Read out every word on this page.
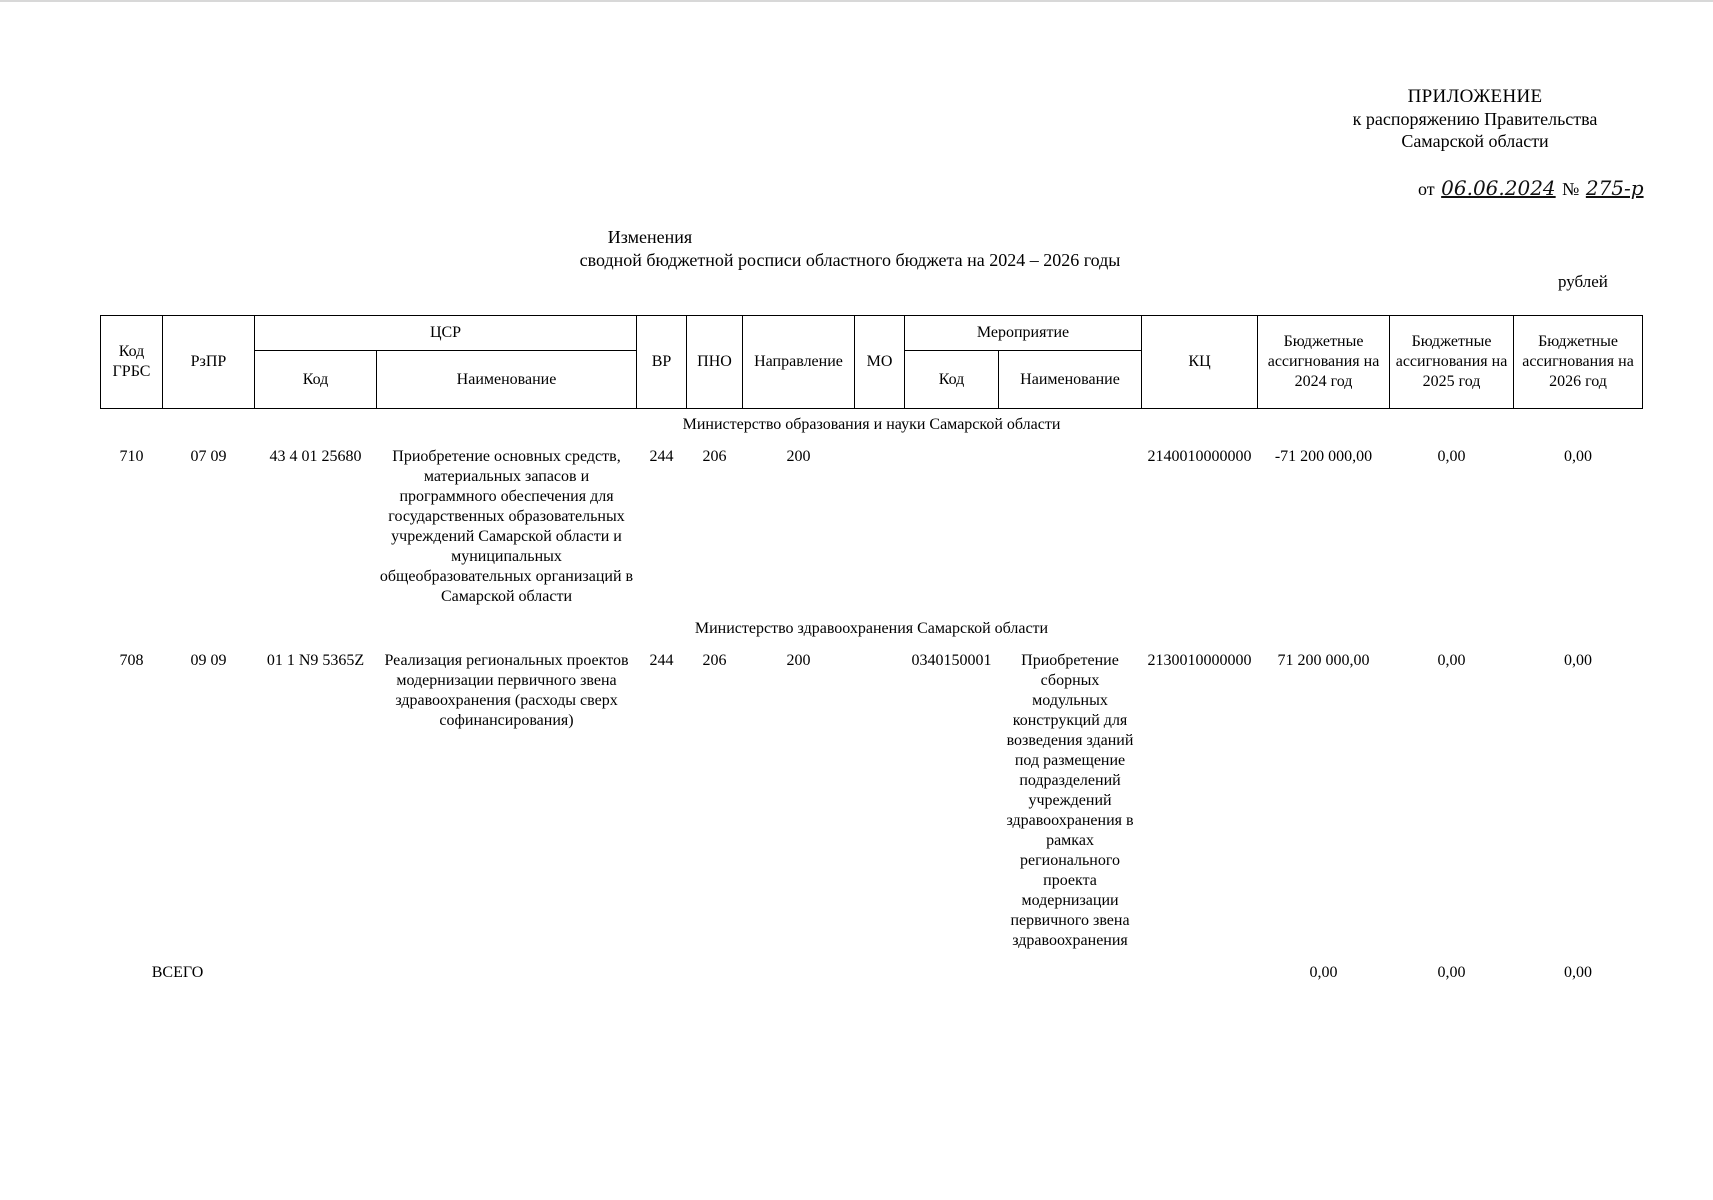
ПРИЛОЖЕНИЕ
к распоряжению Правительства
Самарской области
от 06.06.2024 № 275-р
Изменения
сводной бюджетной росписи областного бюджета на 2024 – 2026 годы
рублей
Код ГРБС	РзПР	ЦСР		ВР	ПНО	Направление	МО	Мероприятие		КЦ	Бюджетные ассигнования на 2024 год	Бюджетные ассигнования на 2025 год	Бюджетные ассигнования на 2026 год
		Код	Наименование					Код	Наименование				
Министерство образования и науки Самарской области													
710	07 09	43 4 01 25680	Приобретение основных средств, материальных запасов и программного обеспечения для государственных образовательных учреждений Самарской области и муниципальных общеобразовательных организаций в Самарской области	244	206	200				2140010000000	-71 200 000,00	0,00	0,00
Министерство здравоохранения Самарской области													
708	09 09	01 1 N9 5365Z	Реализация региональных проектов модернизации первичного звена здравоохранения (расходы сверх софинансирования)	244	206	200		0340150001	Приобретение сборных модульных конструкций для возведения зданий под размещение подразделений учреждений здравоохранения в рамках регионального проекта модернизации первичного звена здравоохранения	2130010000000	71 200 000,00	0,00	0,00
ВСЕГО											0,00	0,00	0,00
